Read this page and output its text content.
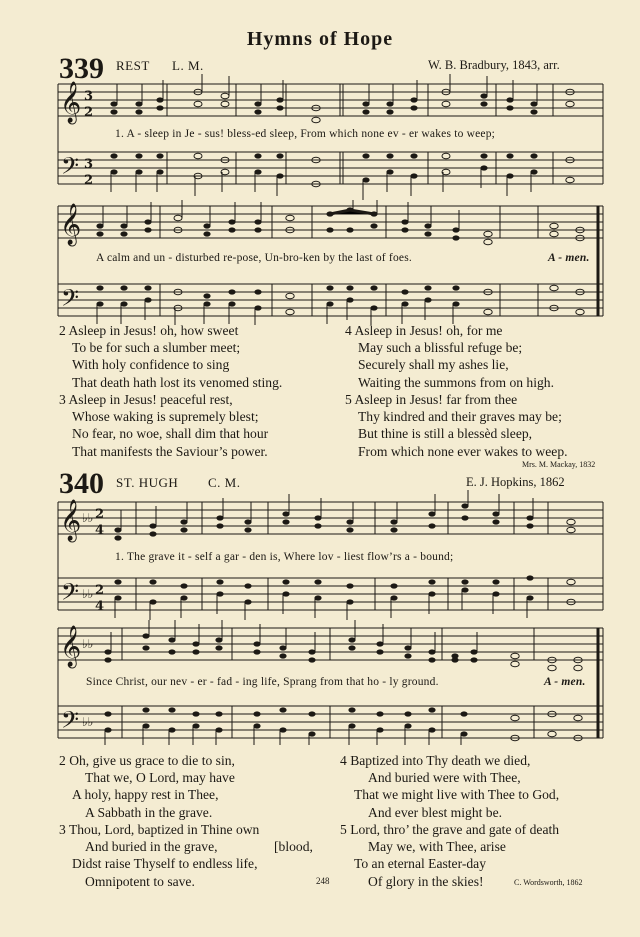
Hymns of Hope
339 REST L. M.	W. B. Bradbury, 1843, arr.
𝄞
𝄢
3
2
3
2
1. A - sleep in Je - sus! bless-ed sleep, From which none ev - er wakes to weep;
𝄞
𝄢
A calm and un - disturbed re-pose, Un-bro-ken by the last of foes.	A - men.
2 Asleep in Jesus! oh, how sweet
To be for such a slumber meet;
With holy confidence to sing
That death hath lost its venomed sting.
3 Asleep in Jesus! peaceful rest,
Whose waking is supremely blest;
No fear, no woe, shall dim that hour
That manifests the Saviour’s power.
4 Asleep in Jesus! oh, for me
May such a blissful refuge be;
Securely shall my ashes lie,
Waiting the summons from on high.
5 Asleep in Jesus! far from thee
Thy kindred and their graves may be;
But thine is still a blessèd sleep,
From which none ever wakes to weep.
Mrs. M. Mackay, 1832
340 ST. HUGH C. M.	E. J. Hopkins, 1862
𝄞
𝄢
♭♭
♭♭
2
4
2
4
1. The grave it - self a gar - den is, Where lov - liest flow’rs a - bound;
𝄞
𝄢
♭♭
♭♭
Since Christ, our nev - er - fad - ing life, Sprang from that ho - ly ground.	A - men.
2 Oh, give us grace to die to sin,
That we, O Lord, may have
A holy, happy rest in Thee,
A Sabbath in the grave.
3 Thou, Lord, baptized in Thine own
And buried in the grave,
Didst raise Thyself to endless life,
Omnipotent to save.
[blood,
4 Baptized into Thy death we died,
And buried were with Thee,
That we might live with Thee to God,
And ever blest might be.
5 Lord, thro’ the grave and gate of death
May we, with Thee, arise
To an eternal Easter-day
Of glory in the skies!
248	C. Wordsworth, 1862
